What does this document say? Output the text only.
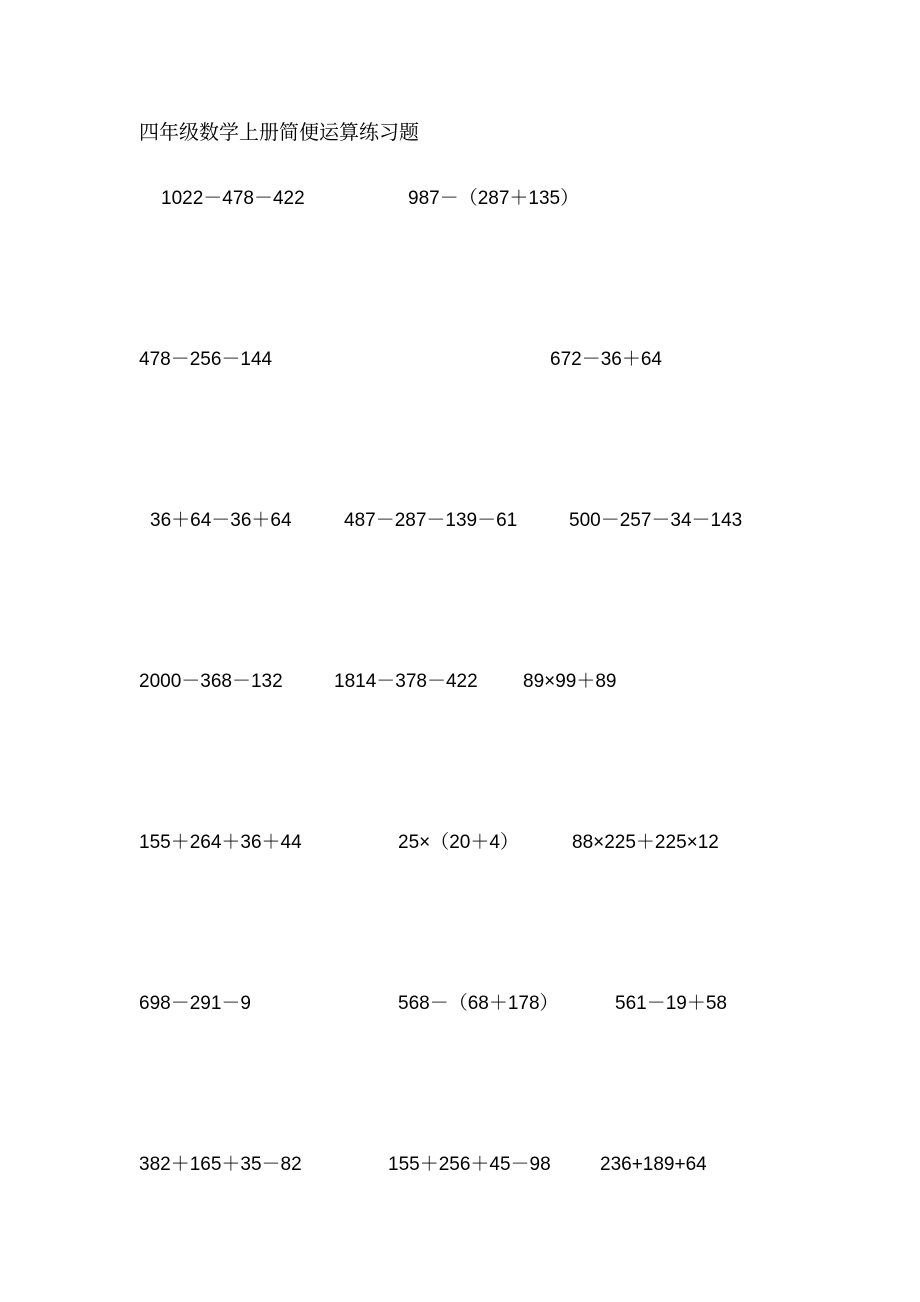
四年级数学上册简便运算练习题
1022－478－422	987－（287＋135）
478－256－144	672－36＋64
36＋64－36＋64	487－287－139－61	500－257－34－143
2000－368－132	1814－378－422 89×99＋89
155＋264＋36＋44	25×（20＋4）	88×225＋225×12
698－291－9	568－（68＋178）	561－19＋58
382＋165＋35－82	155＋256＋45－98	236+189+64
